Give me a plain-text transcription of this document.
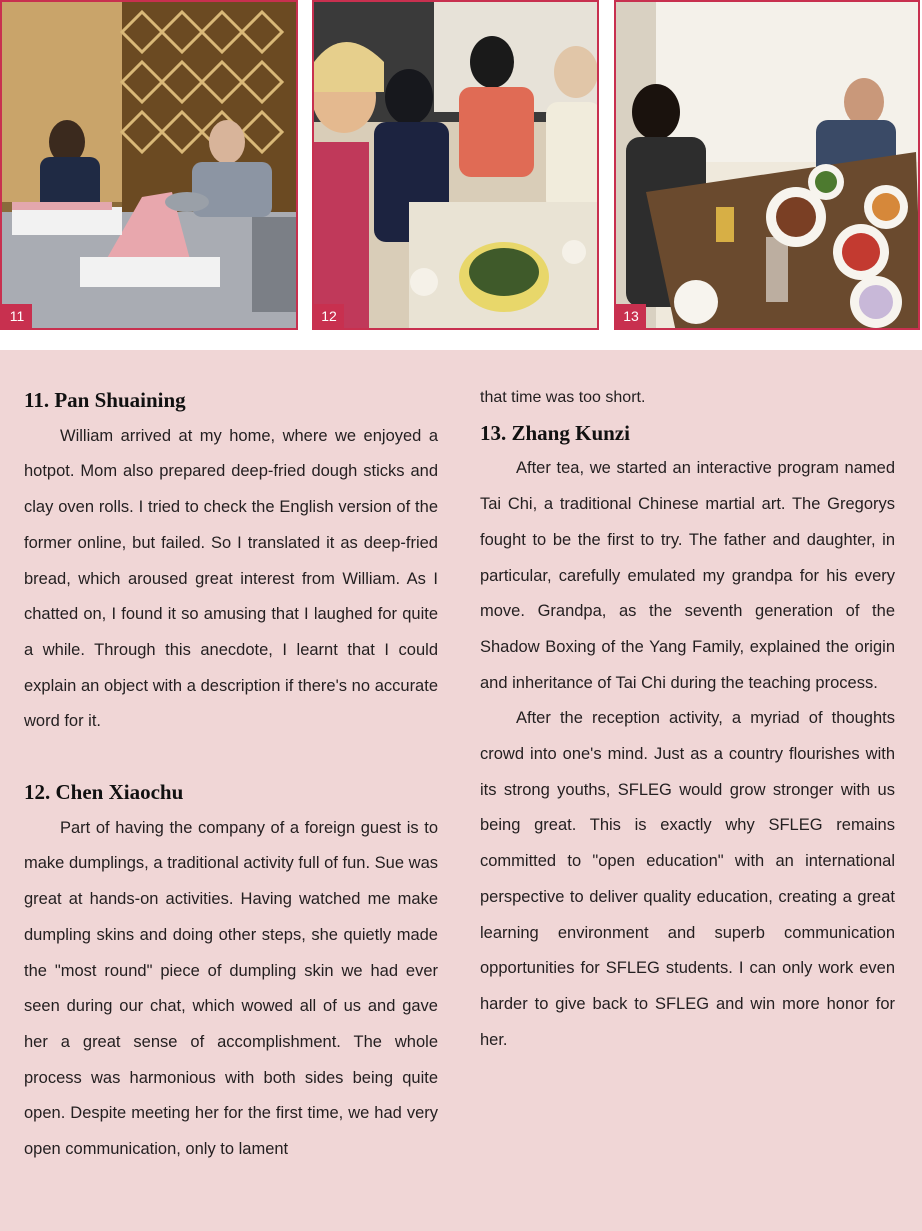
11	12	13
11. Pan Shuaining

William arrived at my home, where we enjoyed a hotpot. Mom also prepared deep-fried dough sticks and clay oven rolls. I tried to check the English version of the former online, but failed. So I translated it as deep-fried bread, which aroused great interest from William. As I chatted on, I found it so amusing that I laughed for quite a while. Through this anecdote, I learnt that I could explain an object with a description if there's no accurate word for it.

12. Chen Xiaochu

Part of having the company of a foreign guest is to make dumplings, a traditional activity full of fun. Sue was great at hands-on activities. Having watched me make dumpling skins and doing other steps, she quietly made the "most round" piece of dumpling skin we had ever seen during our chat, which wowed all of us and gave her a great sense of accomplishment. The whole process was harmonious with both sides being quite open. Despite meeting her for the first time, we had very open communication, only to lament

that time was too short.

13. Zhang Kunzi

After tea, we started an interactive program named Tai Chi, a traditional Chinese martial art. The Gregorys fought to be the first to try. The father and daughter, in particular, carefully emulated my grandpa for his every move. Grandpa, as the seventh generation of the Shadow Boxing of the Yang Family, explained the origin and inheritance of Tai Chi during the teaching process.

After the reception activity, a myriad of thoughts crowd into one's mind. Just as a country flourishes with its strong youths, SFLEG would grow stronger with us being great. This is exactly why SFLEG remains committed to "open education" with an international perspective to deliver quality education, creating a great learning environment and superb communication opportunities for SFLEG students. I can only work even harder to give back to SFLEG and win more honor for her.
